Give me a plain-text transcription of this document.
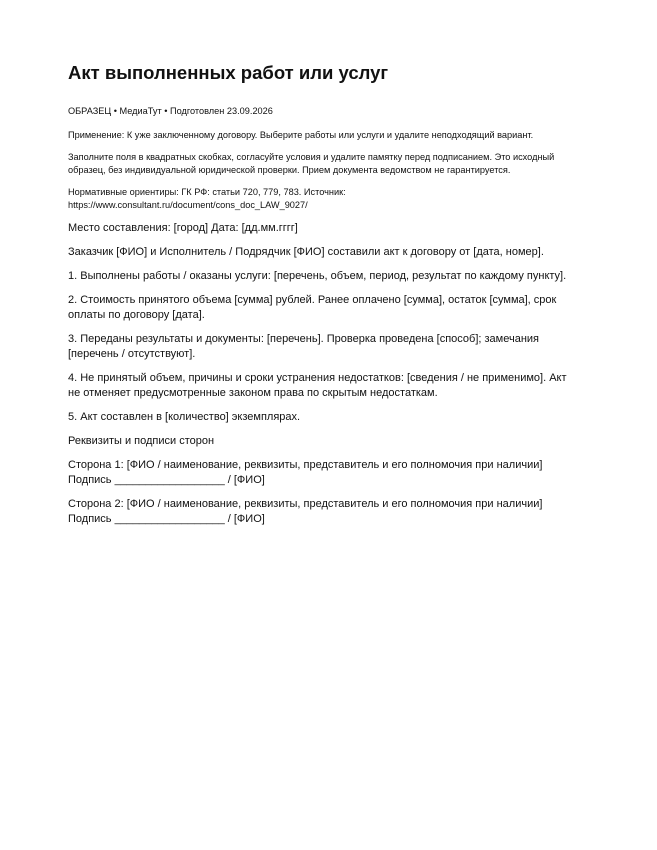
Акт выполненных работ или услуг

ОБРАЗЕЦ • МедиаТут • Подготовлен 23.09.2026

Применение: К уже заключенному договору. Выберите работы или услуги и удалите неподходящий вариант.

Заполните поля в квадратных скобках, согласуйте условия и удалите памятку перед подписанием. Это исходный
образец, без индивидуальной юридической проверки. Прием документа ведомством не гарантируется.

Нормативные ориентиры: ГК РФ: статьи 720, 779, 783. Источник:
https://www.consultant.ru/document/cons_doc_LAW_9027/

Место составления: [город] Дата: [дд.мм.гггг]

Заказчик [ФИО] и Исполнитель / Подрядчик [ФИО] составили акт к договору от [дата, номер].

1. Выполнены работы / оказаны услуги: [перечень, объем, период, результат по каждому пункту].

2. Стоимость принятого объема [сумма] рублей. Ранее оплачено [сумма], остаток [сумма], срок
оплаты по договору [дата].

3. Переданы результаты и документы: [перечень]. Проверка проведена [способ]; замечания
[перечень / отсутствуют].

4. Не принятый объем, причины и сроки устранения недостатков: [сведения / не применимо]. Акт
не отменяет предусмотренные законом права по скрытым недостаткам.

5. Акт составлен в [количество] экземплярах.

Реквизиты и подписи сторон

Сторона 1: [ФИО / наименование, реквизиты, представитель и его полномочия при наличии]
Подпись __________________ / [ФИО]

Сторона 2: [ФИО / наименование, реквизиты, представитель и его полномочия при наличии]
Подпись __________________ / [ФИО]
